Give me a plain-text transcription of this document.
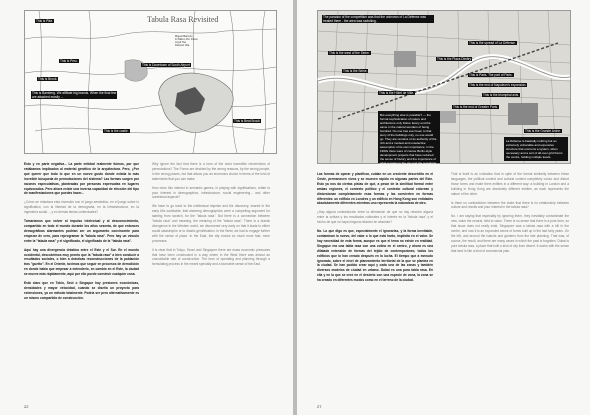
This is Pike.
This is Peru.
This is Brook.
This is Bamberg. We affiliate big brands. When the final few
are attached mostly ...
This is Downtown of South Airport
This is the castle.
This is Beat Brook
Tabula Rasa Revisited
Miguel Barreiro
& Willem Per Pama
Lloyd Tae
Debrest Ulla

Esto y en parte negativa... La parte entidad realmente fuimos, por que estábamos implicados al material genético de la arquitectura. Pero, ¿Por qué querer que todo lo que en un nuevo gusto donde existía la más increíble búsqueda de permutaciones del sistema? Las formas surgen por razones especulativas, planteadas por personas expresadas en lugares equivocados. Pero ahora existe una inversa capacidad de elección del tipo de manifestaciones que puedes hacer...

¿Cómo se relaciona esta inversión con el juego semántico, en el juego sobre lo significativo, con la libertad de la demografía, en la infraestructura, en la ingeniería social..., y en demás temas contextuales?

Tomaríamos que volver al impulso intelectual y al desconocimiento, compartido en todo el mundo durante los años sesenta, de que entonces demográficas alarmantes podrían ser un argumento convincente para empezar de cero, para reprogramar la "tabula rasa". Pero hay un vínculo entre la "tabula rasa" y el significado, el significado de la "tabula rasa".

Aquí hay una divergencia drástica entre el Este y el Sur. En el mundo occidental, descubrimos muy pronto que la "tabula rasa" a bien conducir a resultados sociales, o bien a drásticas reconstrucciones de la población tras "guetto". En el Oriente, tuvimos que seguir en procesos de demolición en donde había que empezar a entenderlo, en cambio en el Este, la ciudad se mueve más rápidamente, aquí por ello puede construir cualquier cosa.

Está claro que en Tokio, Seúl o Singapur hay presiones económicas, densidades y mayor velocidad, cuando se diseña un proyecto para extensiones, ya un método totalmente. Podría ser pero alternativamente es un mismo compartido de construcción.

Why ignore the fact that there is a form of the most incredible reinventions of permutations? The Forms are decided by the wrong reasons, by the wrong people, in the wrong places, but that allows you an enormous choice in terms of the kind of statements that you can make.

How does this interest in semantic games, in playing with significations, relate to your interest in demographics, infrastructure, social engineering... and other contextual aspects?

We have to go back to the intellectual impulse and the discovery, shared in the early 60s worldwide, that alarming demographics were a compelling argument for starting from scratch, for the "tabula rasa". But there is a connection between "tabula rasa" and meaning, the meaning of the "tabula rasa". There is a drastic divergence in the Western world, we discovered very early on that it leads to either social catastrophe or to drastic gentrification. In the West, we had to engage further with the sense of place. In the East, the city moves so much more fast, more processes.

It is clear that in Tokyo, Seoul and Singapore there are mass economic pressures that have been constructed in a way where in the West there was almost an unavoidable rate of construction. The form of operating and planning through a formulating process in the meant specialty and a favorable sense of the East.

22
The paradox of the competition was that the unknown of La Défense was treated there - the area was ravishing.
This is the spread of La Défense.
This is the Plaza Dimitry
This is the west of the Seine.
This is the Seine.
This is the Hôtel de Ville.
This is Paris. The part of Paris.
This is the end of Napoleon's expansion.
This is the triumphal axis.
This is the end of Greater Paris.
This is the Grande Arche.
But everything else is possible? — the formal sophistication of nature and architecture only follow. Every end the same in the natural wonders of being hundred. No one has ever been to that story of the buildings only, no one would go. They are remains of an authority of the rich and a modest and unselective assumption of its own importance. In the 1960s there were of course Berlin-style development projects that have reduced the sense of history and the importance of what remains in the city and the remaining people.
La Défense is basically nothing but an extremely vulnerable and expensive structure that overruns a system, when necessary and a sort of all-over grid that is the centre, holding multiple levels.

Las formas de operar y planificar, cuidan en un creciente descrédito en el Oeste, permanecen vivos y se mueven rápido en algunas partes del Este. Esto ya nos da ciertas pistas de qué, a pesar de la similitud formal entre ambas regiones, el contexto político y el contexto cultural colorean y distorsionan completamente esas formas y las convierten en formas diferentes: un edificio en Londres y un edificio en Hong Kong son entidades absolutamente diferentes mientras uno representa la naturaleza de otro.

¿Hay alguna contradicción entre la afirmación de que no hay relación alguna entre la cultura y los resultados culturales y el interés en la "tabula rasa" y el hecho de que no haya ninguna relación en absoluto?

No. Lo que digo es que, especialmente el ignorarlas, y la forma inevitable, contaminan lo nuevo, del valor o lo que está harto, implícita en el valor. Se hay necesidad de esta forma, aunque es que el tema no existe en realidad. Singapur era una tabla rasa con una colina en el centro, y ahora es una dilatada extensión de formas del tejido de contemporáneo, todos los edificios que lo han creado después en la lucha. El tiempo que a menudo ignorado, sobre el nivel de planeamiento territorial de la que se plantea en la ciudad. Se han podido crear aquí y cada una de las zonas y también diversos modelos de ciudad en urbano. Dubai es una pura tabla rasa. En ella y en la que se creó en el desierto con una especie de zona, la zona se ha creado en diferentes modos como en el terreno de la ciudad.

That is itself is an indication that in spite of the formal similarity between these languages, the political context and cultural context completely colour and distort those forms and make them entities in a different way: a building in London and a building in Hong Kong are absolutely different entities, as each represents the nature of the other.

Is there no contradiction between the claim that there is no relationship between culture and results and your interest in the tabula rasa?

No. I am saying that especially by ignoring them, they inevitably contaminate the new, value the neutral, held to value. There is no sense that there is a pure form, so that issue does not really exist. Singapore was a tabula rasa with a hill in the centre, and now it is an expanded sense of forms built up in the last forty years. On the left, and around the islands and gardens from the late planning. That was, of course, the result, and there are many cases in which the past is forgotten. Dubai is pure tabula rasa, a place that built a kind of city from desert. It works with the sense that land is like a kind of commercial plan.

27
